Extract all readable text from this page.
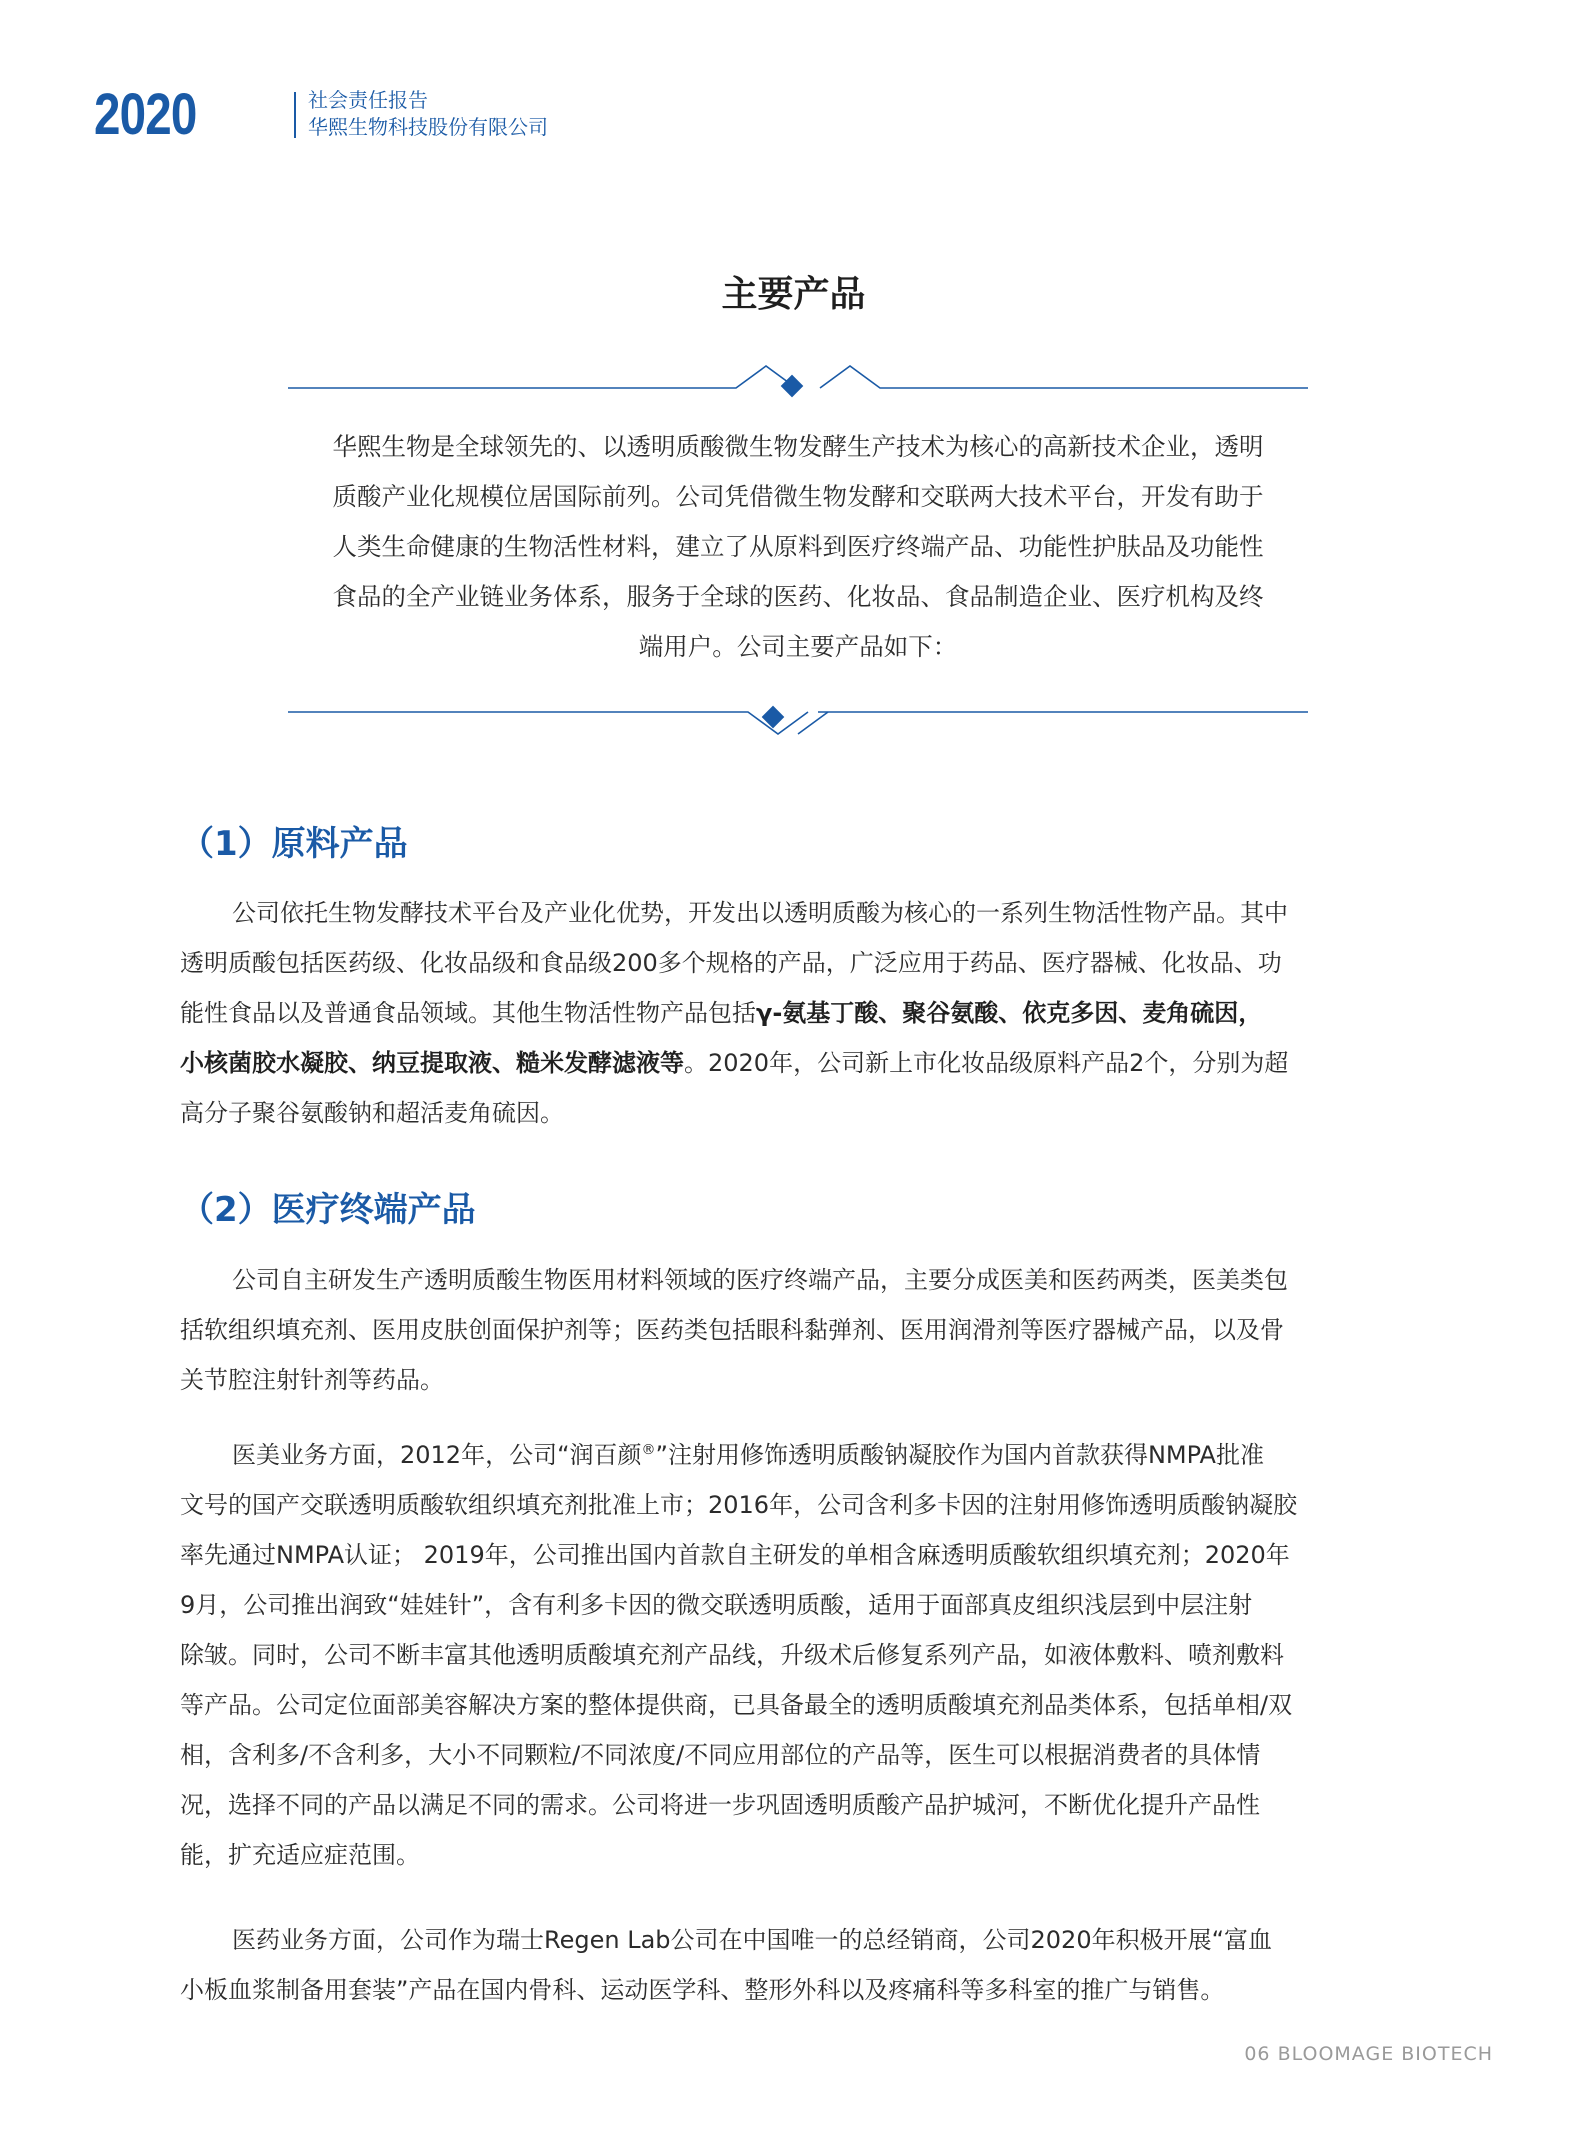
2020	社会责任报告
华熙生物科技股份有限公司
主要产品
华熙生物是全球领先的、以透明质酸微生物发酵生产技术为核心的高新技术企业，透明
质酸产业化规模位居国际前列。公司凭借微生物发酵和交联两大技术平台，开发有助于
人类生命健康的生物活性材料，建立了从原料到医疗终端产品、功能性护肤品及功能性
食品的全产业链业务体系，服务于全球的医药、化妆品、食品制造企业、医疗机构及终
端用户。公司主要产品如下：
（1）原料产品
公司依托生物发酵技术平台及产业化优势，开发出以透明质酸为核心的一系列生物活性物产品。其中
透明质酸包括医药级、化妆品级和食品级200多个规格的产品，广泛应用于药品、医疗器械、化妆品、功
能性食品以及普通食品领域。其他生物活性物产品包括γ-氨基丁酸、聚谷氨酸、依克多因、麦角硫因，
小核菌胶水凝胶、纳豆提取液、糙米发酵滤液等。2020年，公司新上市化妆品级原料产品2个，分别为超
高分子聚谷氨酸钠和超活麦角硫因。
（2）医疗终端产品
公司自主研发生产透明质酸生物医用材料领域的医疗终端产品，主要分成医美和医药两类，医美类包
括软组织填充剂、医用皮肤创面保护剂等；医药类包括眼科黏弹剂、医用润滑剂等医疗器械产品，以及骨
关节腔注射针剂等药品。
医美业务方面，2012年，公司“润百颜®”注射用修饰透明质酸钠凝胶作为国内首款获得NMPA批准
文号的国产交联透明质酸软组织填充剂批准上市；2016年，公司含利多卡因的注射用修饰透明质酸钠凝胶
率先通过NMPA认证； 2019年，公司推出国内首款自主研发的单相含麻透明质酸软组织填充剂；2020年
9月，公司推出润致“娃娃针”，含有利多卡因的微交联透明质酸，适用于面部真皮组织浅层到中层注射
除皱。同时，公司不断丰富其他透明质酸填充剂产品线，升级术后修复系列产品，如液体敷料、喷剂敷料
等产品。公司定位面部美容解决方案的整体提供商，已具备最全的透明质酸填充剂品类体系，包括单相/双
相，含利多/不含利多，大小不同颗粒/不同浓度/不同应用部位的产品等，医生可以根据消费者的具体情
况，选择不同的产品以满足不同的需求。公司将进一步巩固透明质酸产品护城河，不断优化提升产品性
能，扩充适应症范围。
医药业务方面，公司作为瑞士Regen Lab公司在中国唯一的总经销商，公司2020年积极开展“富血
小板血浆制备用套装”产品在国内骨科、运动医学科、整形外科以及疼痛科等多科室的推广与销售。
06 BLOOMAGE BIOTECH
